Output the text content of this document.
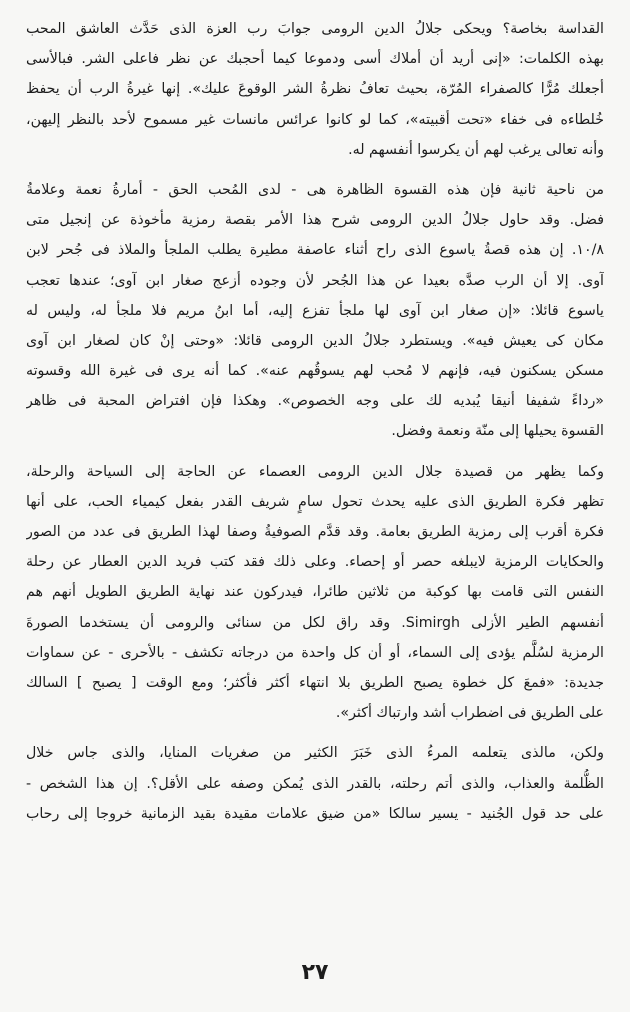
القداسة بخاصة؟ ويحكى جلالُ الدين الرومى جوابَ رب العزة الذى حَدَّث العاشق المحب
بهذه الكلمات: «إنى أريد أن أملاك أسى ودموعا كيما أحجبك عن نظر فاعلى الشر. فبالأسى
أجعلك مُرًّا كالصفراء المُرّة، بحيث تعافُ نظرةُ الشر الوقوعَ عليك». إنها غيرةُ الرب أن يحفظ
خُلطاءه فى خفاء «تحت أقبيته»، كما لو كانوا عرائس مانسات غير مسموح لأحد بالنظر إليهن،
وأنه تعالى يرغب لهم أن يكرسوا أنفسهم له.
من ناحية ثانية فإن هذه القسوة الظاهرة هى - لدى المُحب الحق - أمارةُ نعمة وعلامةُ
فضل. وقد حاول جلالُ الدين الرومى شرح هذا الأمر بقصة رمزية مأخوذة عن إنجيل متى
١٠/٨. إن هذه قصةُ ياسوع الذى راح أثناء عاصفة مطيرة يطلب الملجأ والملاذ فى جُحر لابن
آوى. إلا أن الرب صدَّه بعيدا عن هذا الجُحر لأن وجوده أزعج صغار ابن آوى؛ عندها تعجب
ياسوع قائلا: «إن صغار ابن آوى لها ملجأ تفزع إليه، أما ابنُ مريم فلا ملجأ له، وليس له
مكان كى يعيش فيه». ويستطرد جلالُ الدين الرومى قائلا: «وحتى إنْ كان لصغار ابن آوى
مسكن يسكنون فيه، فإنهم لا مُحب لهم يسوقُهم عنه». كما أنه يرى فى غيرة الله وقسوته
«رداءً شفيفا أنيقا يُبديه لك على وجه الخصوص». وهكذا فإن افتراض المحبة فى ظاهر
القسوة يحيلها إلى منّة ونعمة وفضل.
وكما يظهر من قصيدة جلال الدين الرومى العصماء عن الحاجة إلى السياحة والرحلة،
تظهر فكرة الطريق الذى عليه يحدث تحول سامٍ شريف القدر بفعل كيمياء الحب، على أنها
فكرة أقرب إلى رمزية الطريق بعامة. وقد قدَّم الصوفيةُ وصفا لهذا الطريق فى عدد من الصور
والحكايات الرمزية لايبلغه حصر أو إحصاء. وعلى ذلك فقد كتب فريد الدين العطار عن رحلة
النفس التى قامت بها كوكبة من ثلاثين طائرا، فيدركون عند نهاية الطريق الطويل أنهم هم
أنفسهم الطير الأزلى Simirgh. وقد راق لكل من سنائى والرومى أن يستخدما الصورةَ
الرمزية لسُلَّم يؤدى إلى السماء، أو أن كل واحدة من درجاته تكشف - بالأحرى - عن سماوات
جديدة: «فمعَ كل خطوة يصبح الطريق بلا انتهاء أكثر فأكثر؛ ومع الوقت [ يصبح ] السالك
على الطريق فى اضطراب أشد وارتباك أكثر».
ولكن، مالذى يتعلمه المرءُ الذى خَبَرَ الكثير من صغريات المنايا، والذى جاس خلال
الظُّلمة والعذاب، والذى أتم رحلته، بالقدر الذى يُمكن وصفه على الأقل؟. إن هذا الشخص -
على حد قول الجُنيد - يسير سالكا «من ضيق علامات مقيدة بقيد الزمانية خروجا إلى رحاب
٢٧
